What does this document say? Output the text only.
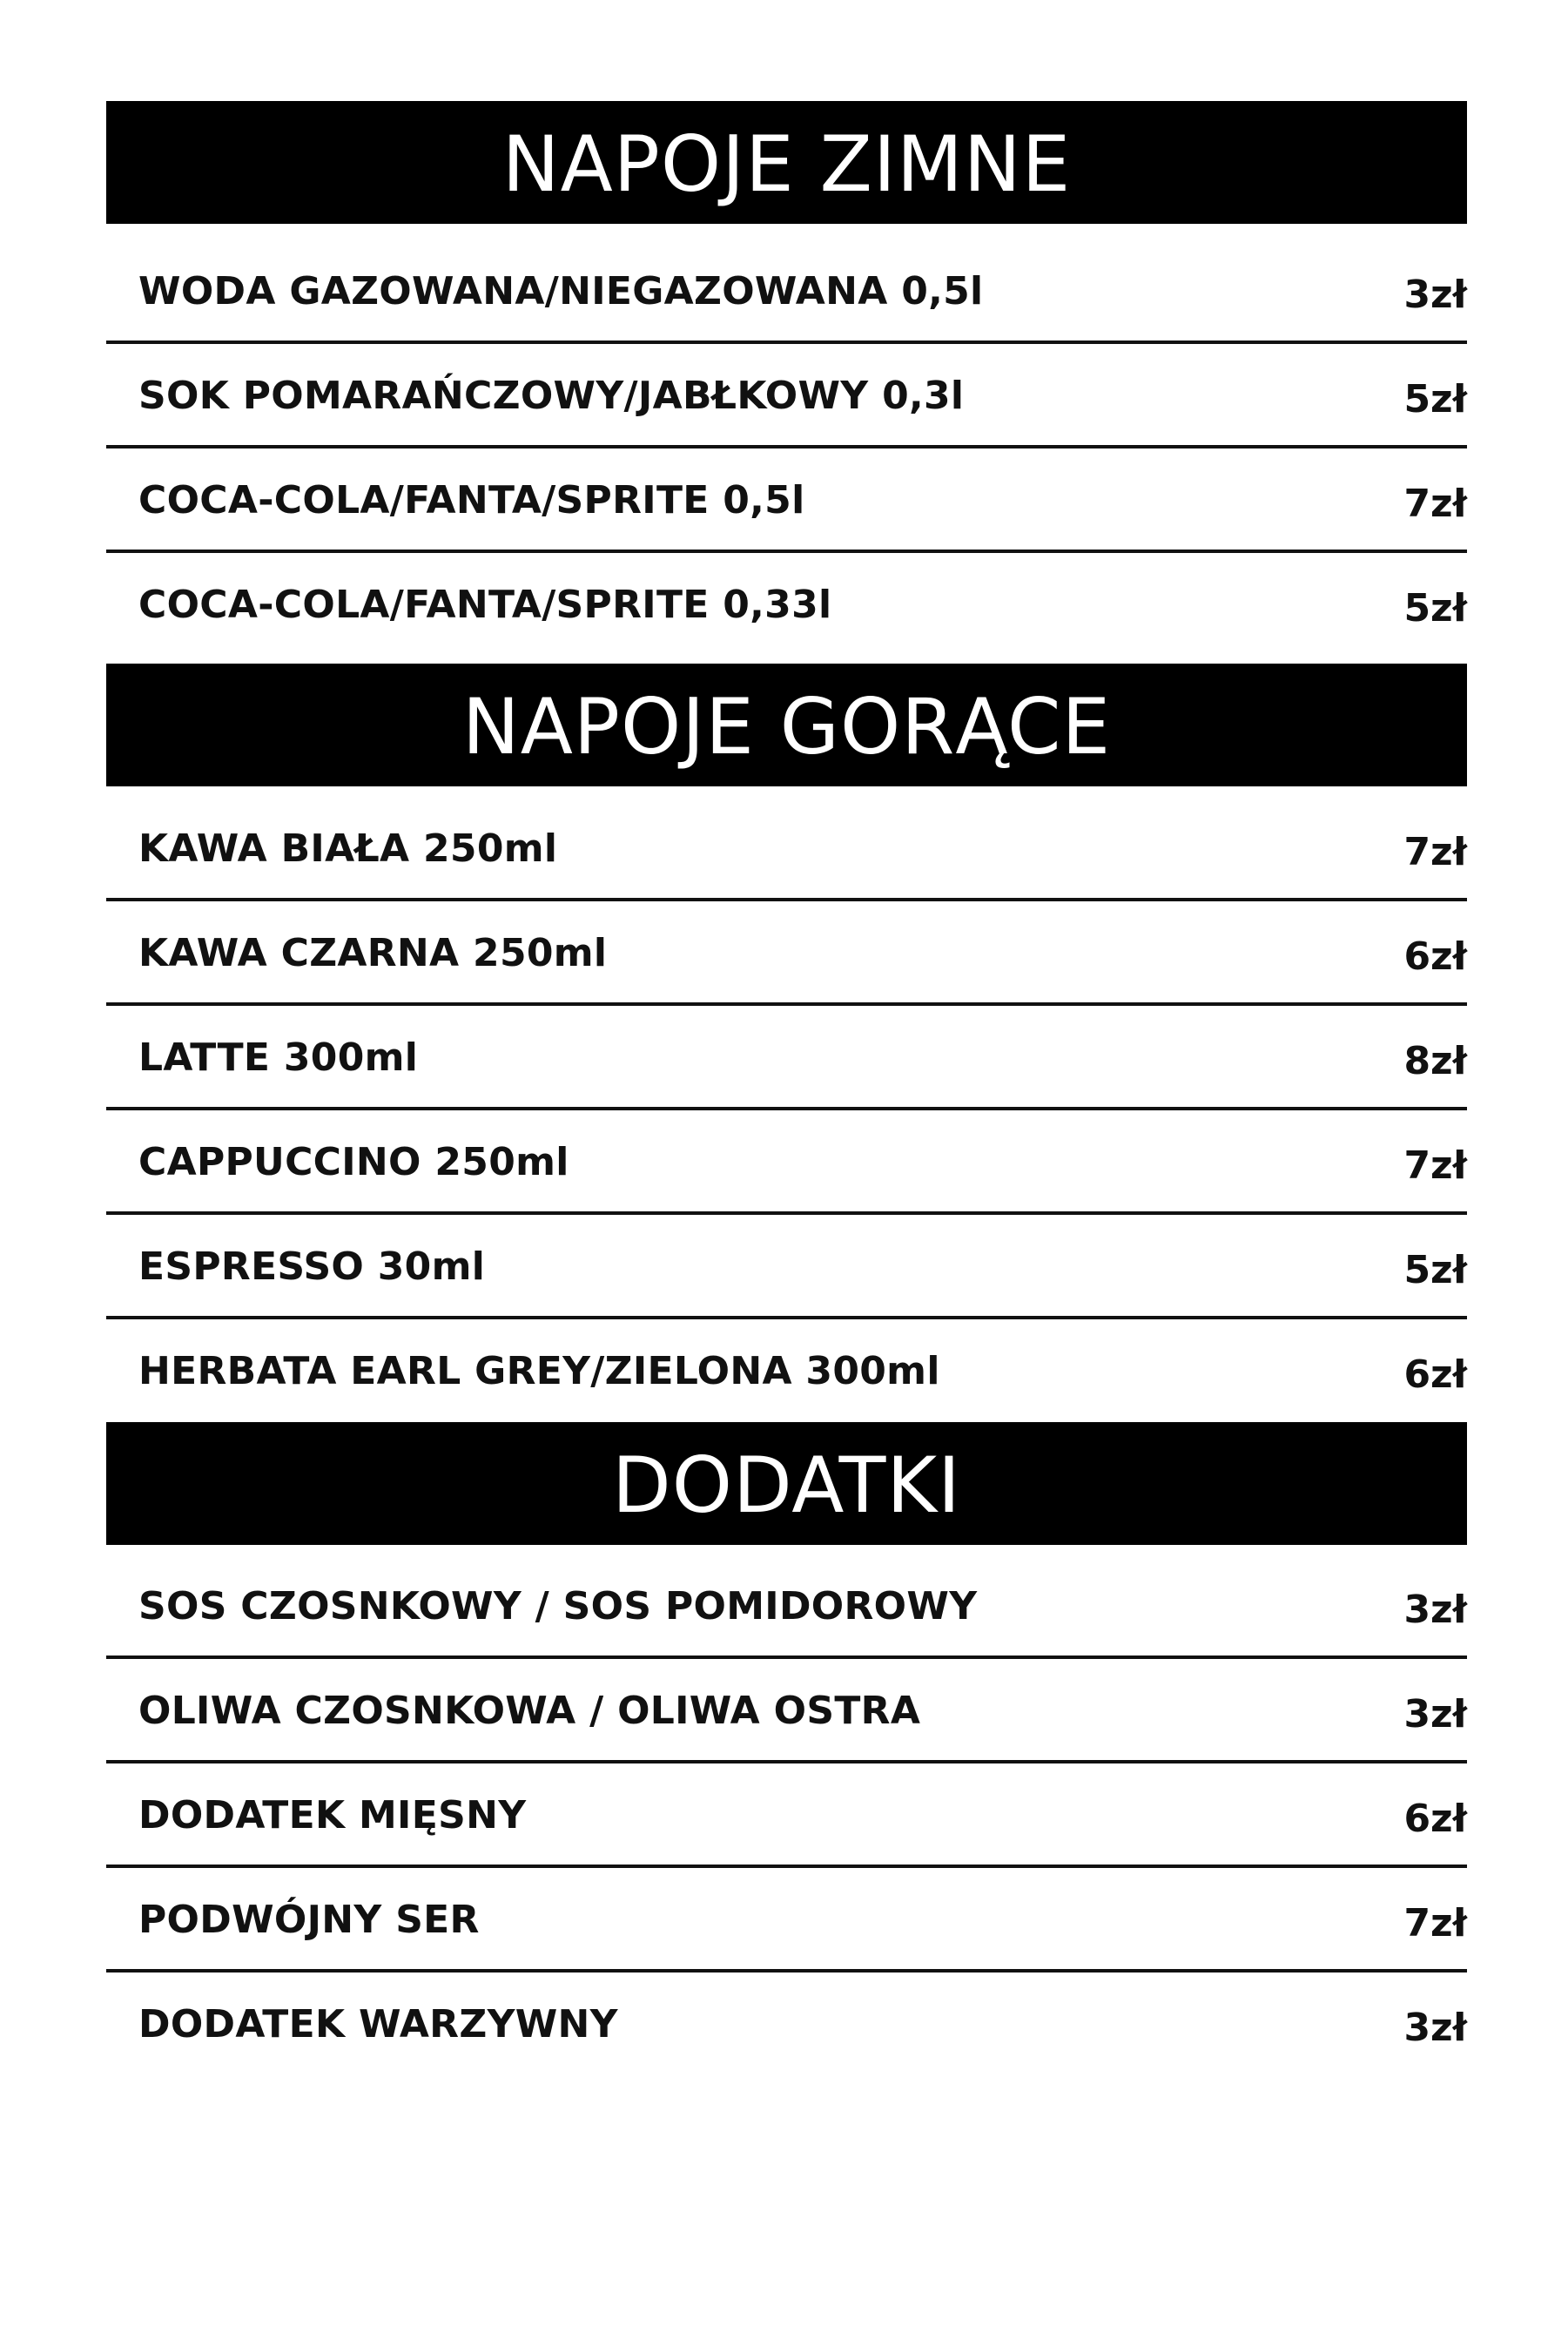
NAPOJE ZIMNE
WODA GAZOWANA/NIEGAZOWANA 0,5l	3zł
SOK POMARAŃCZOWY/JABŁKOWY 0,3l	5zł
COCA-COLA/FANTA/SPRITE 0,5l	7zł
COCA-COLA/FANTA/SPRITE 0,33l	5zł
NAPOJE GORĄCE
KAWA BIAŁA 250ml	7zł
KAWA CZARNA 250ml	6zł
LATTE 300ml	8zł
CAPPUCCINO 250ml	7zł
ESPRESSO 30ml	5zł
HERBATA EARL GREY/ZIELONA 300ml	6zł
DODATKI
SOS CZOSNKOWY / SOS POMIDOROWY	3zł
OLIWA CZOSNKOWA / OLIWA OSTRA	3zł
DODATEK MIĘSNY	6zł
PODWÓJNY SER	7zł
DODATEK WARZYWNY	3zł
